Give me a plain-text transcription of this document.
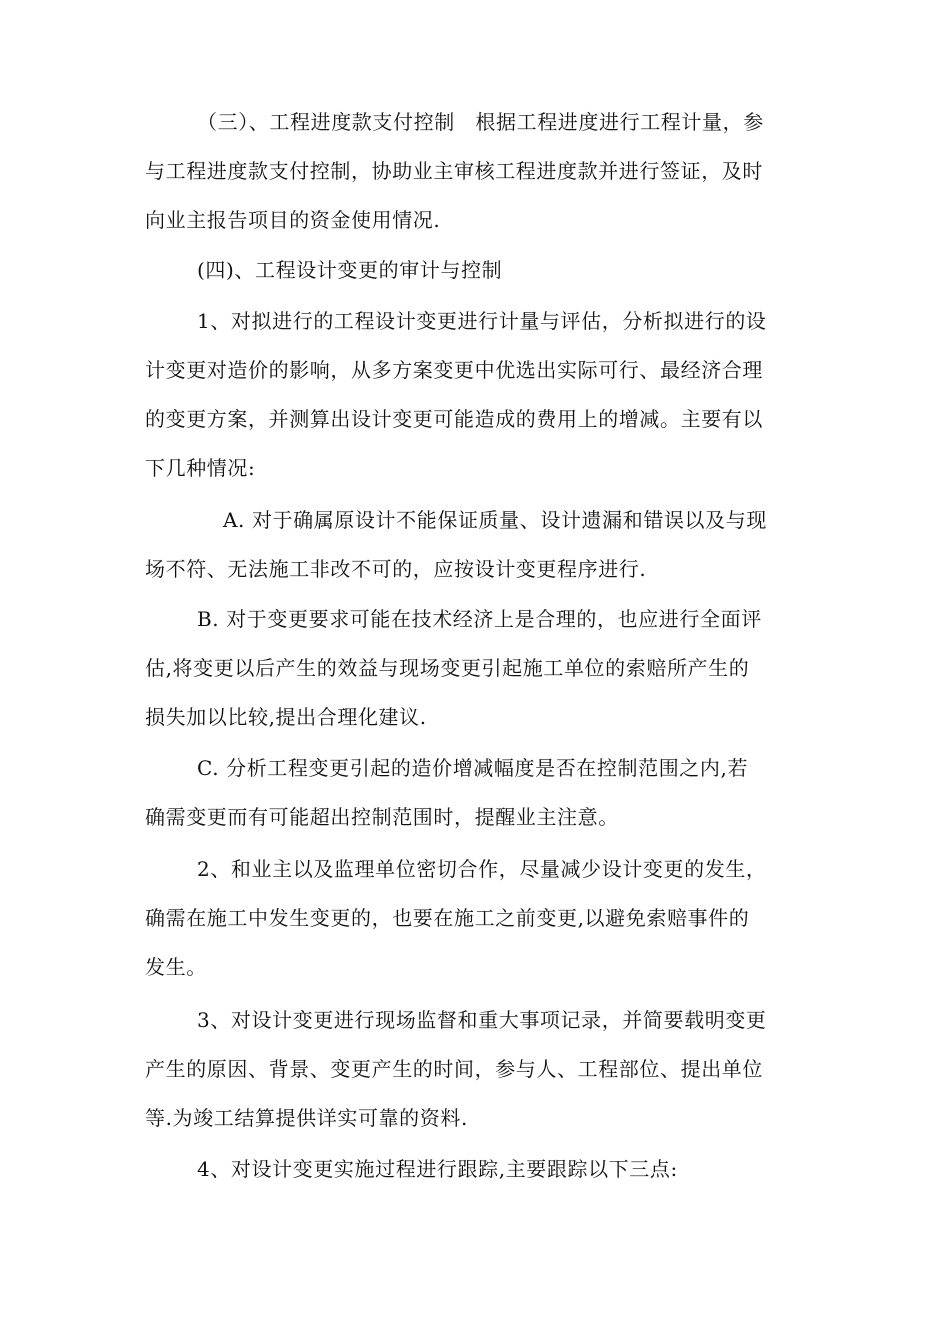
（三）、工程进度款支付控制　根据工程进度进行工程计量，参
与工程进度款支付控制，协助业主审核工程进度款并进行签证，及时
向业主报告项目的资金使用情况.

(四)、工程设计变更的审计与控制

1、对拟进行的工程设计变更进行计量与评估，分析拟进行的设
计变更对造价的影响，从多方案变更中优选出实际可行、最经济合理
的变更方案，并测算出设计变更可能造成的费用上的增减。主要有以
下几种情况:

A. 对于确属原设计不能保证质量、设计遗漏和错误以及与现
场不符、无法施工非改不可的，应按设计变更程序进行.

B. 对于变更要求可能在技术经济上是合理的，也应进行全面评
估,将变更以后产生的效益与现场变更引起施工单位的索赔所产生的
损失加以比较,提出合理化建议.

C. 分析工程变更引起的造价增减幅度是否在控制范围之内,若
确需变更而有可能超出控制范围时，提醒业主注意。

2、和业主以及监理单位密切合作，尽量减少设计变更的发生，
确需在施工中发生变更的，也要在施工之前变更,以避免索赔事件的
发生。

3、对设计变更进行现场监督和重大事项记录，并简要载明变更
产生的原因、背景、变更产生的时间，参与人、工程部位、提出单位
等.为竣工结算提供详实可靠的资料.

4、对设计变更实施过程进行跟踪,主要跟踪以下三点:
